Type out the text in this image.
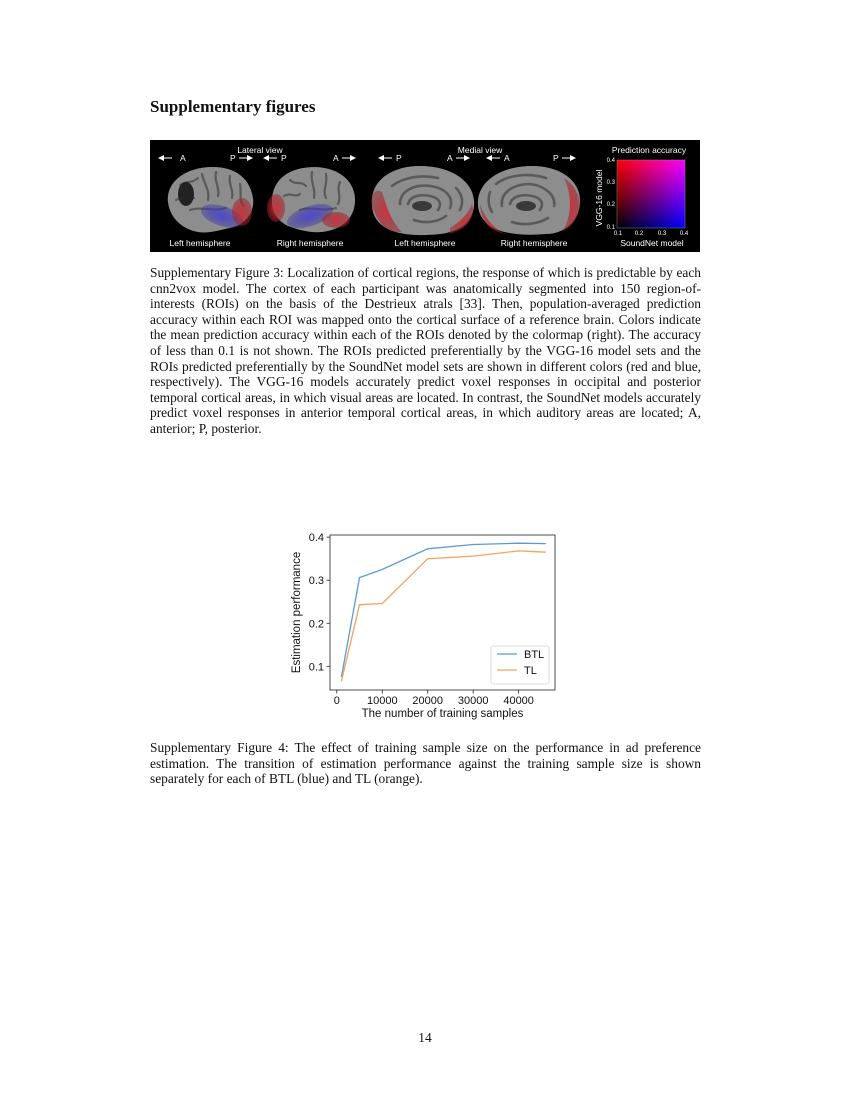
Supplementary figures
Lateral view	Medial view
A	P	P	A	P	A	A	P
Left hemisphere	Right hemisphere	Left hemisphere	Right hemisphere
Prediction accuracy
0.4
0.3
0.2
0.1
0.1 0.2 0.3 0.4
VGG-16 model
SoundNet model

Supplementary Figure 3: Localization of cortical regions, the response of which is predictable by each cnn2vox model. The cortex of each participant was anatomically segmented into 150 region-of-interests (ROIs) on the basis of the Destrieux atrals [33]. Then, population-averaged prediction accuracy within each ROI was mapped onto the cortical surface of a reference brain. Colors indicate the mean prediction accuracy within each of the ROIs denoted by the colormap (right). The accuracy of less than 0.1 is not shown. The ROIs predicted preferentially by the VGG-16 model sets and the ROIs predicted preferentially by the SoundNet model sets are shown in different colors (red and blue, respectively). The VGG-16 models accurately predict voxel responses in occipital and posterior temporal cortical areas, in which visual areas are located. In contrast, the SoundNet models accurately predict voxel responses in anterior temporal cortical areas, in which auditory areas are located; A, anterior; P, posterior.

0 10000 20000 30000 40000
0.1
0.2
0.3
0.4
The number of training samples
Estimation performance	BTL
TL

Supplementary Figure 4: The effect of training sample size on the performance in ad preference estimation. The transition of estimation performance against the training sample size is shown separately for each of BTL (blue) and TL (orange).

14
